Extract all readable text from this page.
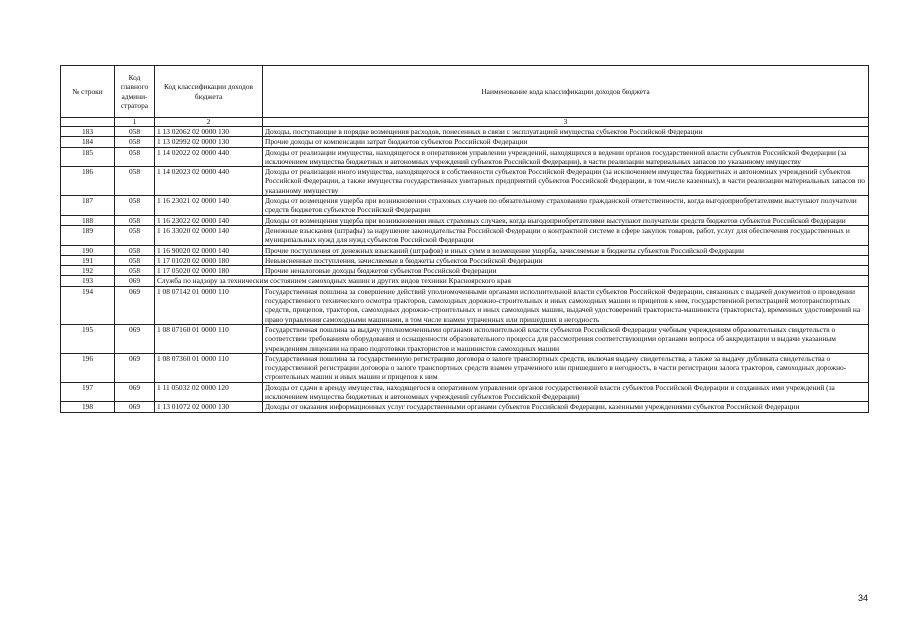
№ строки	Код главного админи-стратора	Код классификации доходов бюджета	Наименование кода классификации доходов бюджета
	1	2	3
183	058	1 13 02062 02 0000 130	Доходы, поступающие в порядке возмещения расходов, понесенных в связи с эксплуатацией имущества субъектов Российской Федерации
184	058	1 13 02992 02 0000 130	Прочие доходы от компенсации затрат бюджетов субъектов Российской Федерации
185	058	1 14 02022 02 0000 440	Доходы от реализации имущества, находящегося в оперативном управлении учреждений, находящихся в ведении органов государственной власти субъектов Российской Федерации (за исключением имущества бюджетных и автономных учреждений субъектов Российской Федерации), в части реализации материальных запасов по указанному имуществу
186	058	1 14 02023 02 0000 440	Доходы от реализации иного имущества, находящегося в собственности субъектов Российской Федерации (за исключением имущества бюджетных и автономных учреждений субъектов Российской Федерации, а также имущества государственных унитарных предприятий субъектов Российской Федерации, в том числе казенных), в части реализации материальных запасов по указанному имуществу
187	058	1 16 23021 02 0000 140	Доходы от возмещения ущерба при возникновении страховых случаев по обязательному страхованию гражданской ответственности, когда выгодоприобретателями выступают получатели средств бюджетов субъектов Российской Федерации
188	058	1 16 23022 02 0000 140	Доходы от возмещения ущерба при возникновении иных страховых случаев, когда выгодоприобретателями выступают получатели средств бюджетов субъектов Российской Федерации
189	058	1 16 33020 02 0000 140	Денежные взыскания (штрафы) за нарушение законодательства Российской Федерации о контрактной системе в сфере закупок товаров, работ, услуг для обеспечения государственных и муниципальных нужд для нужд субъектов Российской Федерации
190	058	1 16 90020 02 0000 140	Прочие поступления от денежных взысканий (штрафов) и иных сумм в возмещение ущерба, зачисляемые в бюджеты субъектов Российской Федерации
191	058	1 17 01020 02 0000 180	Невыясненные поступления, зачисляемые в бюджеты субъектов Российской Федерации
192	058	1 17 05020 02 0000 180	Прочие неналоговые доходы бюджетов субъектов Российской Федерации
193	069	Служба по надзору за техническим состоянием самоходных машин и других видов техники Красноярского края	
194	069	1 08 07142 01 0000 110	Государственная пошлина за совершение действий уполномоченными органами исполнительной власти субъектов Российской Федерации, связанных с выдачей документов о проведении государственного технического осмотра тракторов, самоходных дорожно-строительных и иных самоходных машин и прицепов к ним, государственной регистрацией мототранспортных средств, прицепов, тракторов, самоходных дорожно-строительных и иных самоходных машин, выдачей удостоверений тракториста-машиниста (тракториста), временных удостоверений на право управления самоходными машинами, в том числе взамен утраченных или пришедших в негодность
195	069	1 08 07160 01 0000 110	Государственная пошлина за выдачу уполномоченными органами исполнительной власти субъектов Российской Федерации учебным учреждениям образовательных свидетельств о соответствии требованиям оборудования и оснащенности образовательного процесса для рассмотрения соответствующими органами вопроса об аккредитации и выдачи указанным учреждениям лицензии на право подготовки трактористов и машинистов самоходных машин
196	069	1 08 07360 01 0000 110	Государственная пошлина за государственную регистрацию договора о залоге транспортных средств, включая выдачу свидетельства, а также за выдачу дубликата свидетельства о государственной регистрации договора о залоге транспортных средств взамен утраченного или пришедшего в негодность, в части регистрации залога тракторов, самоходных дорожно-строительных машин и иных машин и прицепов к ним
197	069	1 11 05032 02 0000 120	Доходы от сдачи в аренду имущества, находящегося в оперативном управлении органов государственной власти субъектов Российской Федерации и созданных ими учреждений (за исключением имущества бюджетных и автономных учреждений субъектов Российской Федерации)
198	069	1 13 01072 02 0000 130	Доходы от оказания информационных услуг государственными органами субъектов Российской Федерации, казенными учреждениями субъектов Российской Федерации
34
